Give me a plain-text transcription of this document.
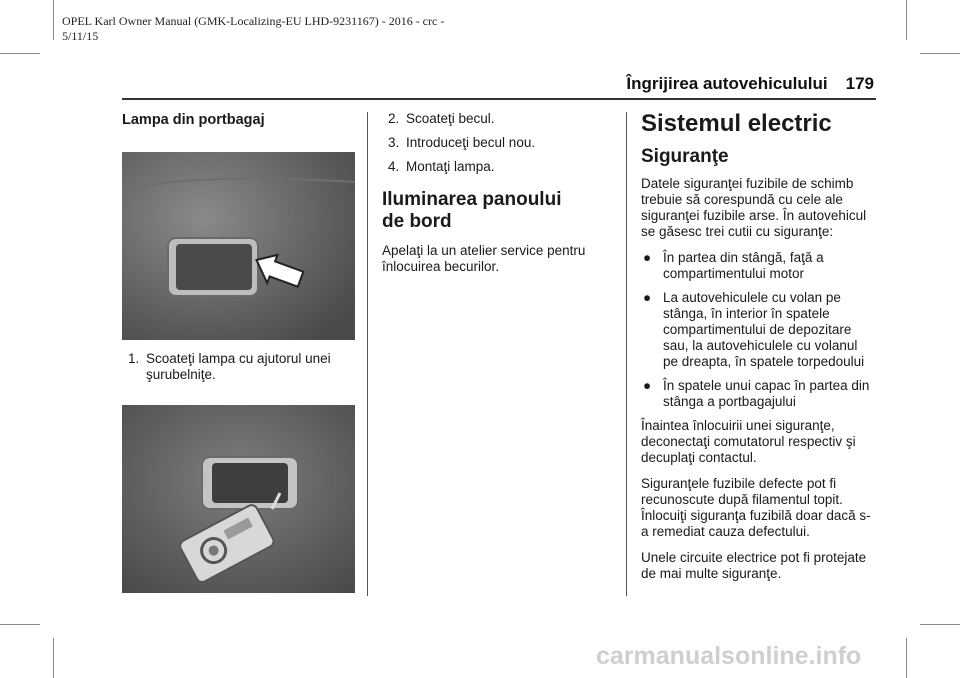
OPEL Karl Owner Manual (GMK-Localizing-EU LHD-9231167) - 2016 - crc -
5/11/15
Îngrijirea autovehiculului 179
Lampa din portbagaj
1. Scoateţi lampa cu ajutorul unei şurubelniţe.
2. Scoateţi becul.
3. Introduceţi becul nou.
4. Montaţi lampa.
Iluminarea panoului de bord

Apelaţi la un atelier service pentru înlocuirea becurilor.

Sistemul electric
Siguranţe

Datele siguranţei fuzibile de schimb trebuie să corespundă cu cele ale siguranţei fuzibile arse. În autovehicul se găsesc trei cutii cu siguranţe:

● În partea din stângă, faţă a compartimentului motor
● La autovehiculele cu volan pe stânga, în interior în spatele compartimentului de depozitare sau, la autovehiculele cu volanul pe dreapta, în spatele torpedoului
● În spatele unui capac în partea din stânga a portbagajului

Înaintea înlocuirii unei siguranţe, deconectaţi comutatorul respectiv şi decuplaţi contactul.

Siguranţele fuzibile defecte pot fi recunoscute după filamentul topit. Înlocuiţi siguranţa fuzibilă doar dacă s-a remediat cauza defectului.

Unele circuite electrice pot fi protejate de mai multe siguranţe.

carmanualsonline.info
